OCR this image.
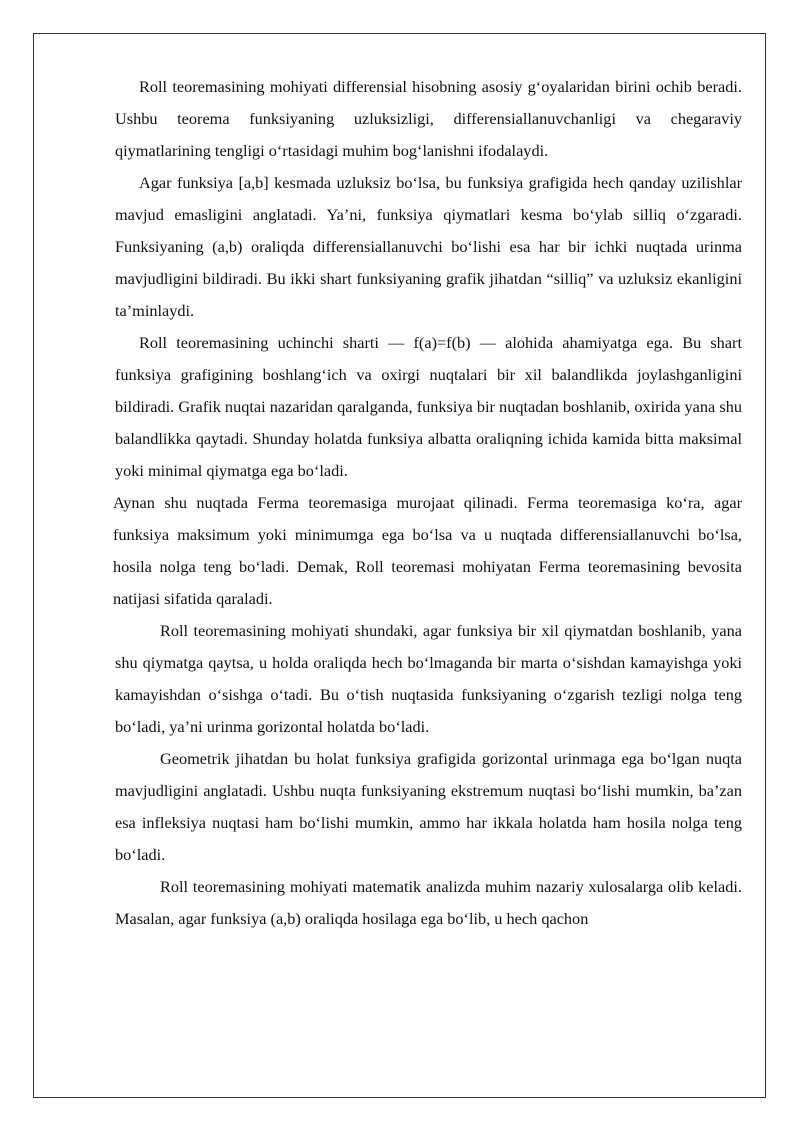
Roll teoremasining mohiyati differensial hisobning asosiy g‘oyalaridan birini ochib beradi. Ushbu teorema funksiyaning uzluksizligi, differensiallanuvchanligi va chegaraviy qiymatlarining tengligi o‘rtasidagi muhim bog‘lanishni ifodalaydi.

Agar funksiya [a,b] kesmada uzluksiz bo‘lsa, bu funksiya grafigida hech qanday uzilishlar mavjud emasligini anglatadi. Ya’ni, funksiya qiymatlari kesma bo‘ylab silliq o‘zgaradi. Funksiyaning (a,b) oraliqda differensiallanuvchi bo‘lishi esa har bir ichki nuqtada urinma mavjudligini bildiradi. Bu ikki shart funksiyaning grafik jihatdan “silliq” va uzluksiz ekanligini ta’minlaydi.

Roll teoremasining uchinchi sharti — f(a)=f(b) — alohida ahamiyatga ega. Bu shart funksiya grafigining boshlang‘ich va oxirgi nuqtalari bir xil balandlikda joylashganligini bildiradi. Grafik nuqtai nazaridan qaralganda, funksiya bir nuqtadan boshlanib, oxirida yana shu balandlikka qaytadi. Shunday holatda funksiya albatta oraliqning ichida kamida bitta maksimal yoki minimal qiymatga ega bo‘ladi.

Aynan shu nuqtada Ferma teoremasiga murojaat qilinadi. Ferma teoremasiga ko‘ra, agar funksiya maksimum yoki minimumga ega bo‘lsa va u nuqtada differensiallanuvchi bo‘lsa, hosila nolga teng bo‘ladi. Demak, Roll teoremasi mohiyatan Ferma teoremasining bevosita natijasi sifatida qaraladi.

Roll teoremasining mohiyati shundaki, agar funksiya bir xil qiymatdan boshlanib, yana shu qiymatga qaytsa, u holda oraliqda hech bo‘lmaganda bir marta o‘sishdan kamayishga yoki kamayishdan o‘sishga o‘tadi. Bu o‘tish nuqtasida funksiyaning o‘zgarish tezligi nolga teng bo‘ladi, ya’ni urinma gorizontal holatda bo‘ladi.

Geometrik jihatdan bu holat funksiya grafigida gorizontal urinmaga ega bo‘lgan nuqta mavjudligini anglatadi. Ushbu nuqta funksiyaning ekstremum nuqtasi bo‘lishi mumkin, ba’zan esa infleksiya nuqtasi ham bo‘lishi mumkin, ammo har ikkala holatda ham hosila nolga teng bo‘ladi.

Roll teoremasining mohiyati matematik analizda muhim nazariy xulosalarga olib keladi. Masalan, agar funksiya (a,b) oraliqda hosilaga ega bo‘lib, u hech qachon
